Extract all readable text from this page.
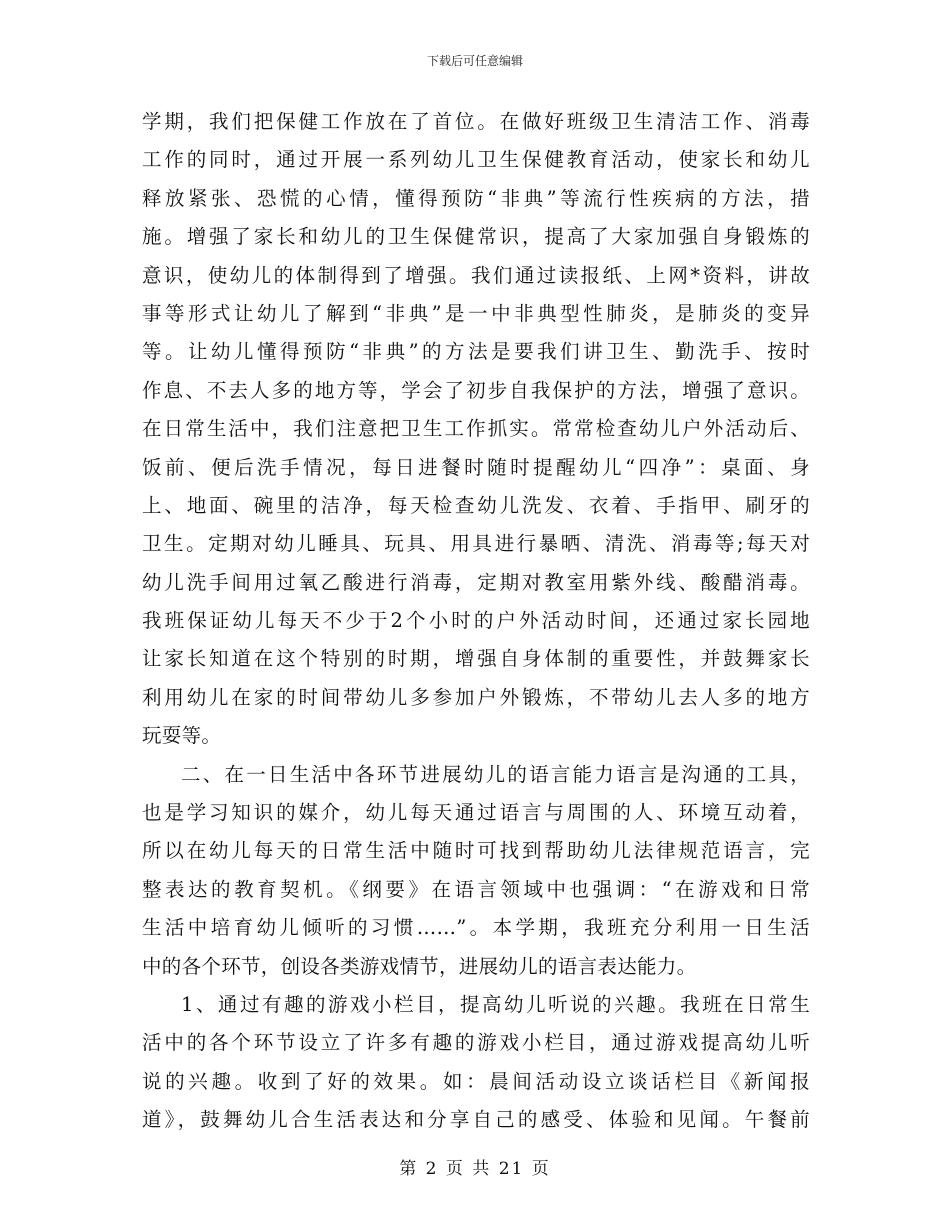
下载后可任意编辑
学期，我们把保健工作放在了首位。在做好班级卫生清洁工作、消毒
工作的同时，通过开展一系列幼儿卫生保健教育活动，使家长和幼儿
释放紧张、恐慌的心情，懂得预防“非典”等流行性疾病的方法，措
施。增强了家长和幼儿的卫生保健常识，提高了大家加强自身锻炼的
意识，使幼儿的体制得到了增强。我们通过读报纸、上网*资料，讲故
事等形式让幼儿了解到“非典”是一中非典型性肺炎，是肺炎的变异
等。让幼儿懂得预防“非典”的方法是要我们讲卫生、勤洗手、按时
作息、不去人多的地方等，学会了初步自我保护的方法，增强了意识。
在日常生活中，我们注意把卫生工作抓实。常常检查幼儿户外活动后、
饭前、便后洗手情况，每日进餐时随时提醒幼儿“四净”：桌面、身
上、地面、碗里的洁净，每天检查幼儿洗发、衣着、手指甲、刷牙的
卫生。定期对幼儿睡具、玩具、用具进行暴晒、清洗、消毒等;每天对
幼儿洗手间用过氧乙酸进行消毒，定期对教室用紫外线、酸醋消毒。
我班保证幼儿每天不少于2个小时的户外活动时间，还通过家长园地
让家长知道在这个特别的时期，增强自身体制的重要性，并鼓舞家长
利用幼儿在家的时间带幼儿多参加户外锻炼，不带幼儿去人多的地方
玩耍等。
二、在一日生活中各环节进展幼儿的语言能力语言是沟通的工具，
也是学习知识的媒介，幼儿每天通过语言与周围的人、环境互动着，
所以在幼儿每天的日常生活中随时可找到帮助幼儿法律规范语言，完
整表达的教育契机。《纲要》在语言领域中也强调：“在游戏和日常
生活中培育幼儿倾听的习惯……”。本学期，我班充分利用一日生活
中的各个环节，创设各类游戏情节，进展幼儿的语言表达能力。
1、通过有趣的游戏小栏目，提高幼儿听说的兴趣。我班在日常生
活中的各个环节设立了许多有趣的游戏小栏目，通过游戏提高幼儿听
说的兴趣。收到了好的效果。如：晨间活动设立谈话栏目《新闻报
道》，鼓舞幼儿合生活表达和分享自己的感受、体验和见闻。午餐前
第 2 页 共 21 页
